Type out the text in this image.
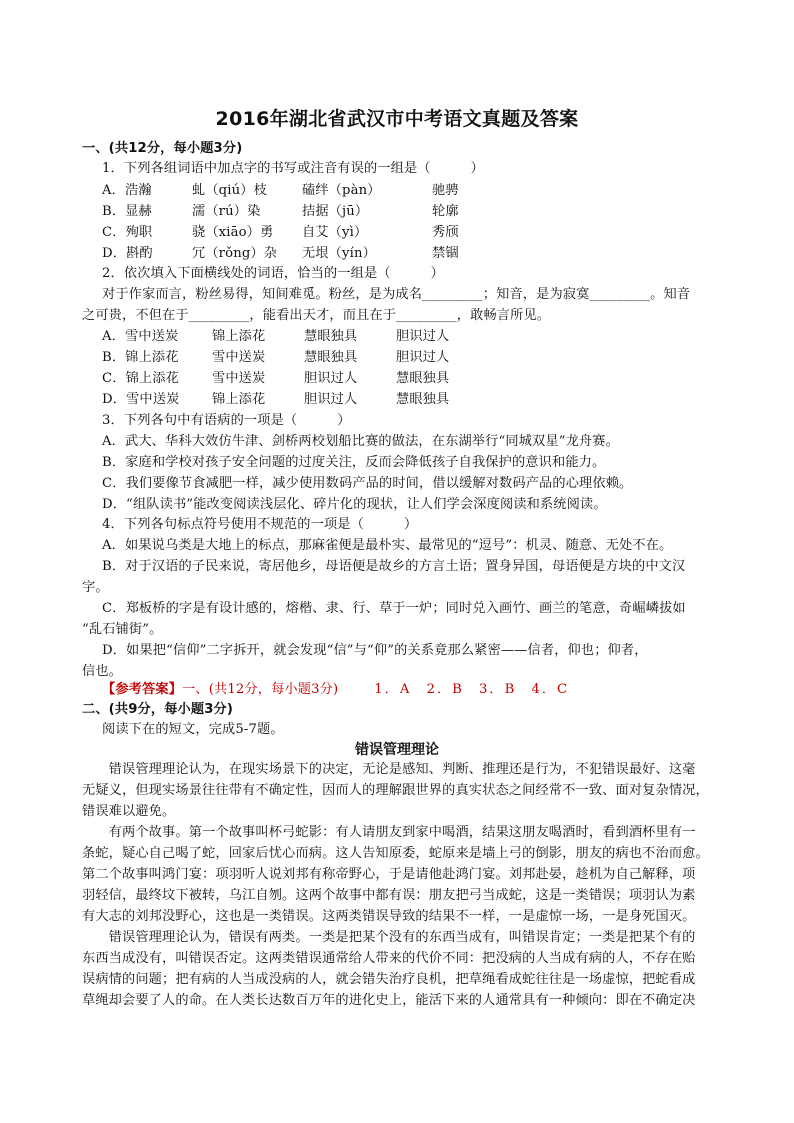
2016年湖北省武汉市中考语文真题及答案
一、(共12分，每小题3分)
1．下列各组词语中加点字的书写或注音有误的一组是（　　　）
A．浩瀚	虬（qiú）枝	磕绊（pàn）	驰骋
B．显赫	濡（rú）染	拮据（jū）	轮廓
C．殉职	骁（xiāo）勇 自艾（yì）	秀颀
D．斟酌	冗（rǒng）杂 无垠（yín）	禁锢
2．依次填入下面横线处的词语，恰当的一组是（　　　）
对于作家而言，粉丝易得，知间难觅。粉丝，是为成名_________；知音，是为寂寞_________。知音
之可贵，不但在于_________，能看出天才，而且在于_________，敢畅言所见。
A．雪中送炭	锦上添花	慧眼独具	胆识过人
B．锦上添花	雪中送炭	慧眼独具	胆识过人
C．锦上添花	雪中送炭	胆识过人	慧眼独具
D．雪中送炭 锦上添花	胆识过人	慧眼独具
3．下列各句中有语病的一项是（　　　）
A．武大、华科大效仿牛津、剑桥两校划船比赛的做法，在东湖举行“同城双星”龙舟赛。
B．家庭和学校对孩子安全问题的过度关注，反而会降低孩子自我保护的意识和能力。
C．我们要像节食减肥一样，减少使用数码产品的时间，借以缓解对数码产品的心理依赖。
D．“组队读书”能改变阅读浅层化、碎片化的现状，让人们学会深度阅读和系统阅读。
4．下列各句标点符号使用不规范的一项是（　　　）
A．如果说乌类是大地上的标点，那麻雀便是最朴实、最常见的“逗号”：机灵、随意、无处不在。
B．对于汉语的子民来说，寄居他乡，母语便是故乡的方言土语；置身异国，母语便是方块的中文汉
字。
C．郑板桥的字是有设计感的，熔楷、隶、行、草于一炉；同时兑入画竹、画兰的笔意，奇崛嶙拔如
“乱石铺街”。
D．如果把“信仰”二字拆开，就会发现“信”与“仰”的关系竟那么紧密——信者，仰也；仰者，
信也。
【参考答案】一、(共12分，每小题3分)	1．A　2．B　3．B　4．C
二、(共9分，每小题3分)
阅读下在的短文，完成5-7题。
错误管理理论
　　错误管理理论认为，在现实场景下的决定，无论是感知、判断、推理还是行为，不犯错误最好、这毫
无疑义，但现实场景往往带有不确定性，因而人的理解跟世界的真实状态之间经常不一致、面对复杂情况，
错误难以避免。
　　有两个故事。第一个故事叫杯弓蛇影：有人请朋友到家中喝酒，结果这朋友喝酒时，看到酒杯里有一
条蛇，疑心自己喝了蛇，回家后忧心而病。这人告知原委，蛇原来是墙上弓的倒影，朋友的病也不治而愈。
第二个故事叫鸿门宴：项羽听人说刘邦有称帝野心，于是请他赴鸿门宴。刘邦赴晏，趁机为自己解释，项
羽轻信，最终坟下被转，乌江自刎。这两个故事中都有误：朋友把弓当成蛇，这是一类错误；项羽认为素
有大志的刘邦没野心，这也是一类错误。这两类错误导致的结果不一样，一是虚惊一场，一是身死国灭。
　　错误管理理论认为，错误有两类。一类是把某个没有的东西当成有，叫错误肯定；一类是把某个有的
东西当成没有，叫错误否定。这两类错误通常给人带来的代价不同：把没病的人当成有病的人，不存在贻
误病情的问题；把有病的人当成没病的人，就会错失治疗良机，把草绳看成蛇往往是一场虚惊，把蛇看成
草绳却会要了人的命。在人类长达数百万年的进化史上，能活下来的人通常具有一种倾向：即在不确定决
